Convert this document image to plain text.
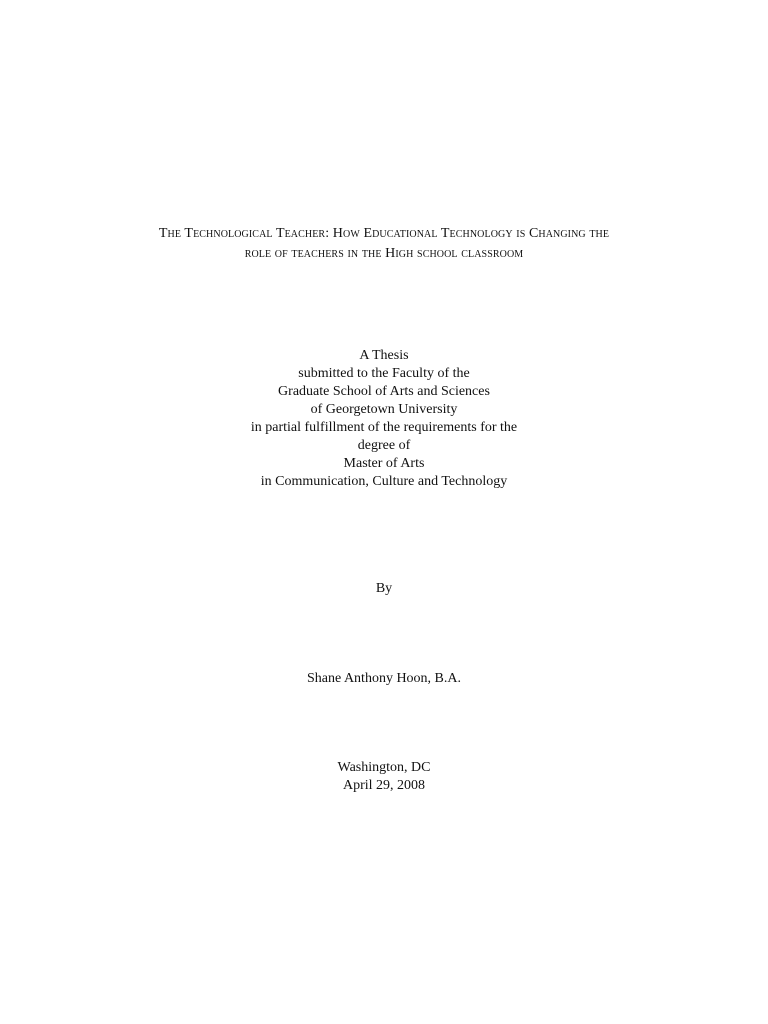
The Technological Teacher: How Educational Technology is Changing the
role of teachers in the High school classroom
A Thesis
submitted to the Faculty of the
Graduate School of Arts and Sciences
of Georgetown University
in partial fulfillment of the requirements for the
degree of
Master of Arts
in Communication, Culture and Technology
By
Shane Anthony Hoon, B.A.
Washington, DC
April 29, 2008
